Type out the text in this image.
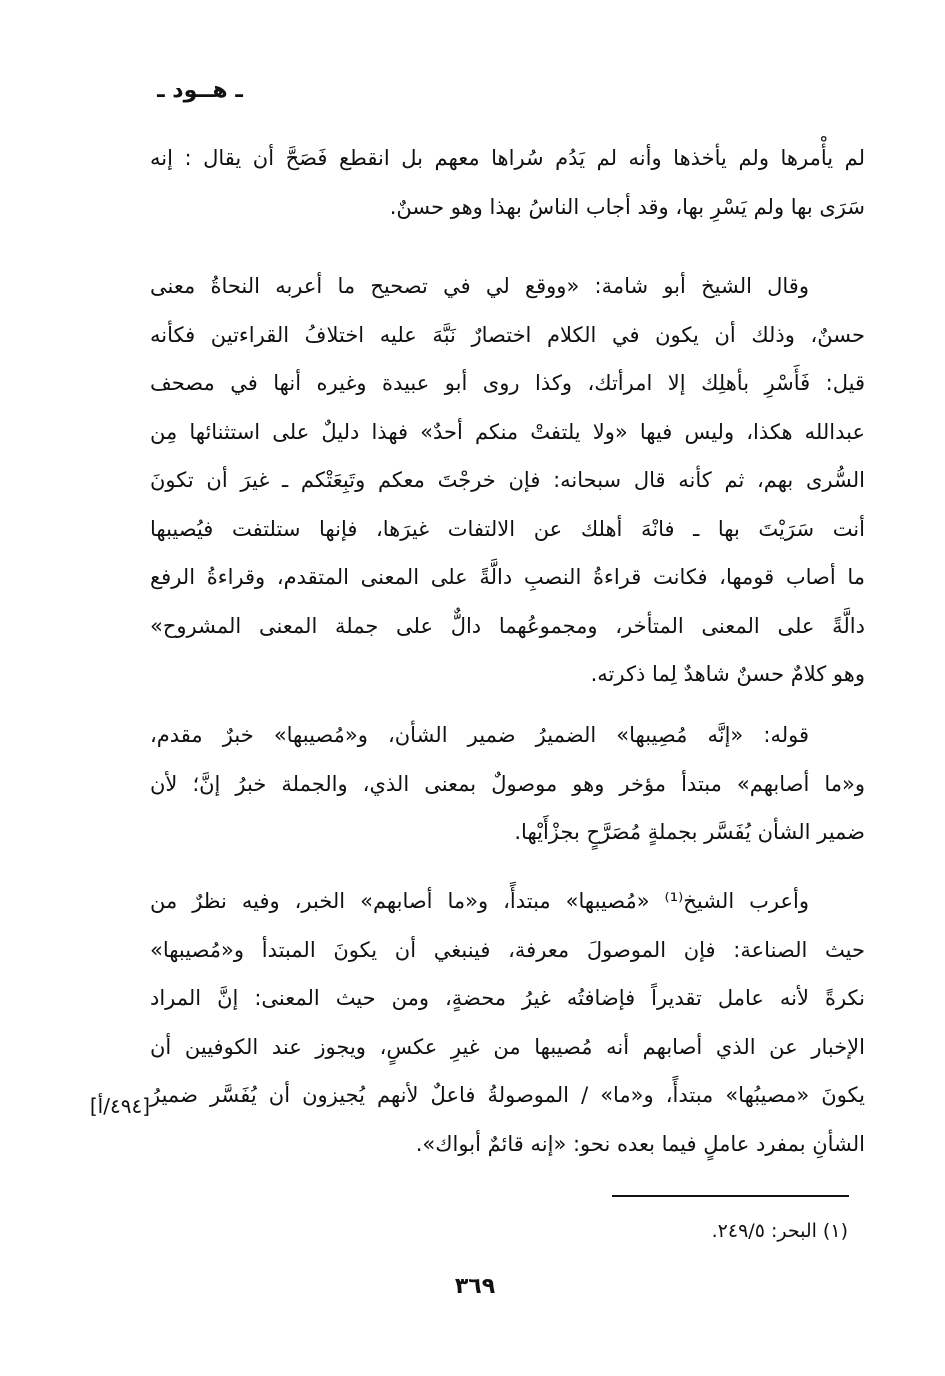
ـ هــود ـ
لم يأْمرها ولم يأخذها وأنه لم يَدُم سُراها معهم بل انقطع فَصَحَّ أن يقال : إنه
سَرَى بها ولم يَسْرِ بها، وقد أجاب الناسُ بهذا وهو حسنٌ.
وقال الشيخ أبو شامة: «ووقع لي في تصحيح ما أعربه النحاةُ معنى
حسنٌ، وذلك أن يكون في الكلام اختصارٌ نَبَّهَ عليه اختلافُ القراءتين فكأنه
قيل: فَأَسْرِ بأهلِك إلا امرأتك، وكذا روى أبو عبيدة وغيره أنها في مصحف
عبدالله هكذا، وليس فيها «ولا يلتفتْ منكم أحدٌ» فهذا دليلٌ على استثنائها مِن
السُّرى بهم، ثم كأنه قال سبحانه: فإن خرجْتَ معكم وتَبِعَتْكم ـ غيرَ أن تكونَ
أنت سَرَيْتَ بها ـ فانْهَ أهلك عن الالتفات غيرَها، فإنها ستلتفت فيُصيبها
ما أصاب قومها، فكانت قراءةُ النصبِ دالَّةً على المعنى المتقدم، وقراءةُ الرفع
دالَّةً على المعنى المتأخر، ومجموعُهما دالٌّ على جملة المعنى المشروح»
وهو كلامٌ حسنٌ شاهدٌ لِما ذكرته.
قوله: «إنَّه مُصِيبها» الضميرُ ضمير الشأن، و«مُصيبها» خبرٌ مقدم،
و«ما أصابهم» مبتدأ مؤخر وهو موصولٌ بمعنى الذي، والجملة خبرُ إنَّ؛ لأن
ضمير الشأن يُفَسَّر بجملةٍ مُصَرَّحٍ بجزْأَيْها.
وأعرب الشيخ⁽¹⁾ «مُصيبها» مبتدأً، و«ما أصابهم» الخبر، وفيه نظرٌ من
حيث الصناعة: فإن الموصولَ معرفة، فينبغي أن يكونَ المبتدأ و«مُصيبها»
نكرةً لأنه عامل تقديراً فإضافتُه غيرُ محضةٍ، ومن حيث المعنى: إنَّ المراد
الإخبار عن الذي أصابهم أنه مُصيبها من غيرِ عكسٍ، ويجوز عند الكوفيين أن
يكونَ «مصيبُها» مبتدأً، و«ما» / الموصولةُ فاعلٌ لأنهم يُجيزون أن يُفَسَّر ضميرُ
الشأنِ بمفرد عاملٍ فيما بعده نحو: «إنه قائمٌ أبواك».
[٤٩٤/أ]
(١) البحر: ٢٤٩/٥.
٣٦٩
